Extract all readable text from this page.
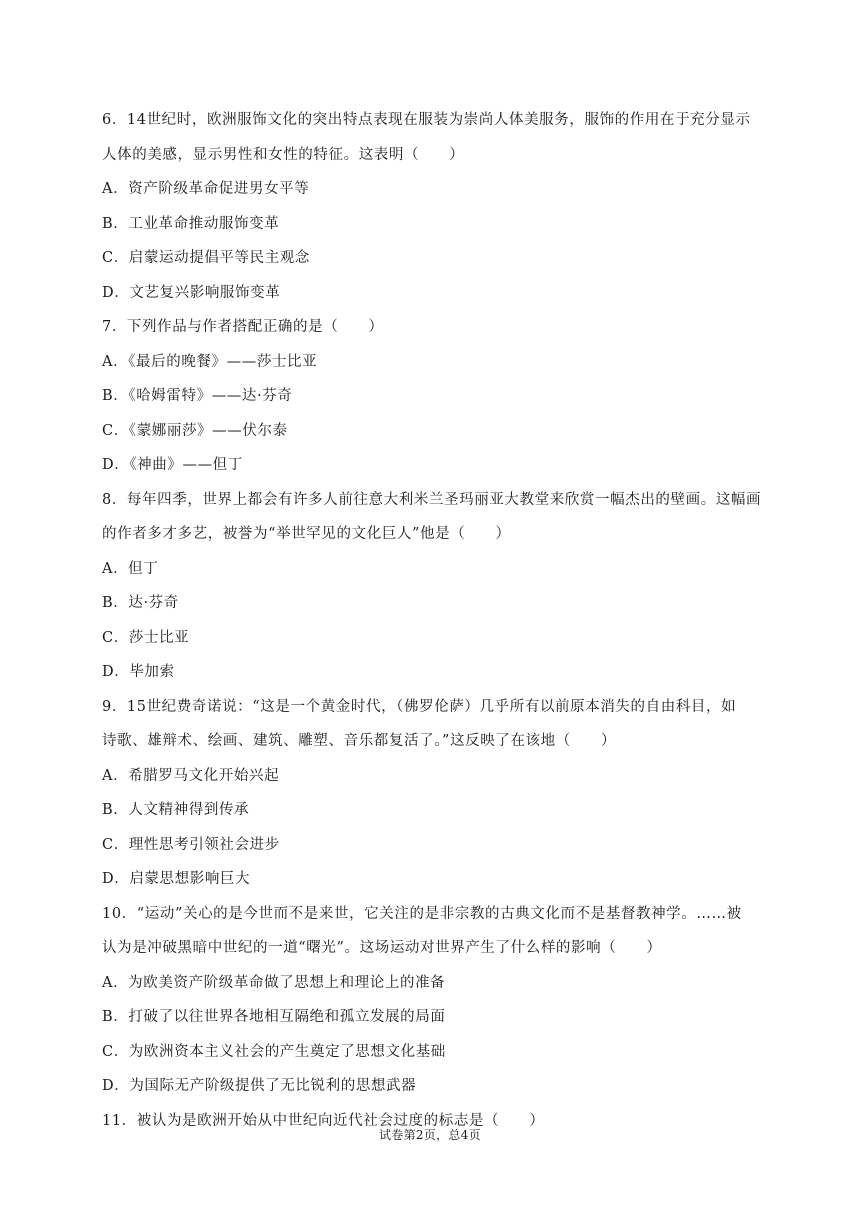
6．14世纪时，欧洲服饰文化的突出特点表现在服装为崇尚人体美服务，服饰的作用在于充分显示
人体的美感，显示男性和女性的特征。这表明（　　）
A．资产阶级革命促进男女平等
B．工业革命推动服饰变革
C．启蒙运动提倡平等民主观念
D．文艺复兴影响服饰变革
7．下列作品与作者搭配正确的是（　　）
A．《最后的晚餐》——莎士比亚
B．《哈姆雷特》——达·芬奇
C．《蒙娜丽莎》——伏尔泰
D．《神曲》——但丁
8．每年四季，世界上都会有许多人前往意大利米兰圣玛丽亚大教堂来欣赏一幅杰出的壁画。这幅画
的作者多才多艺，被誉为“举世罕见的文化巨人”他是（　　）
A．但丁
B．达·芬奇
C．莎士比亚
D．毕加索
9．15世纪费奇诺说：“这是一个黄金时代，（佛罗伦萨）几乎所有以前原本消失的自由科目，如
诗歌、雄辩术、绘画、建筑、雕塑、音乐都复活了。”这反映了在该地（　　）
A．希腊罗马文化开始兴起
B．人文精神得到传承
C．理性思考引领社会进步
D．启蒙思想影响巨大
10．“运动”关心的是今世而不是来世，它关注的是非宗教的古典文化而不是基督教神学。……被
认为是冲破黑暗中世纪的一道“曙光”。这场运动对世界产生了什么样的影响（　　）
A．为欧美资产阶级革命做了思想上和理论上的准备
B．打破了以往世界各地相互隔绝和孤立发展的局面
C．为欧洲资本主义社会的产生奠定了思想文化基础
D．为国际无产阶级提供了无比锐利的思想武器
11．被认为是欧洲开始从中世纪向近代社会过度的标志是（　　）
试卷第2页，总4页
